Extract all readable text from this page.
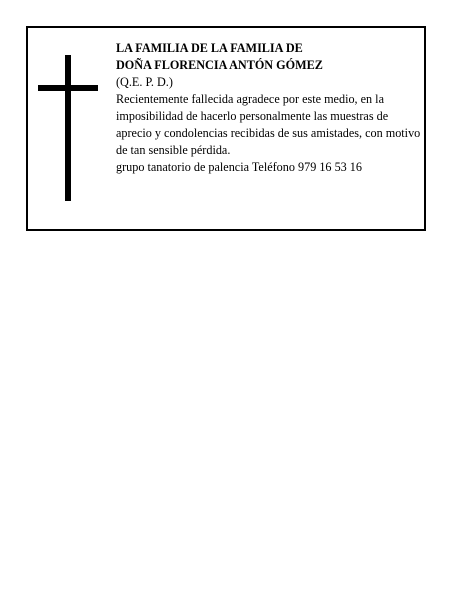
LA FAMILIA DE LA FAMILIA DE
DOÑA FLORENCIA ANTÓN GÓMEZ
(Q.E. P. D.)
Recientemente fallecida agradece por este medio, en la imposibilidad de hacerlo personalmente las muestras de aprecio y condolencias recibidas de sus amistades, con motivo de tan sensible pérdida.
grupo tanatorio de palencia Teléfono 979 16 53 16
